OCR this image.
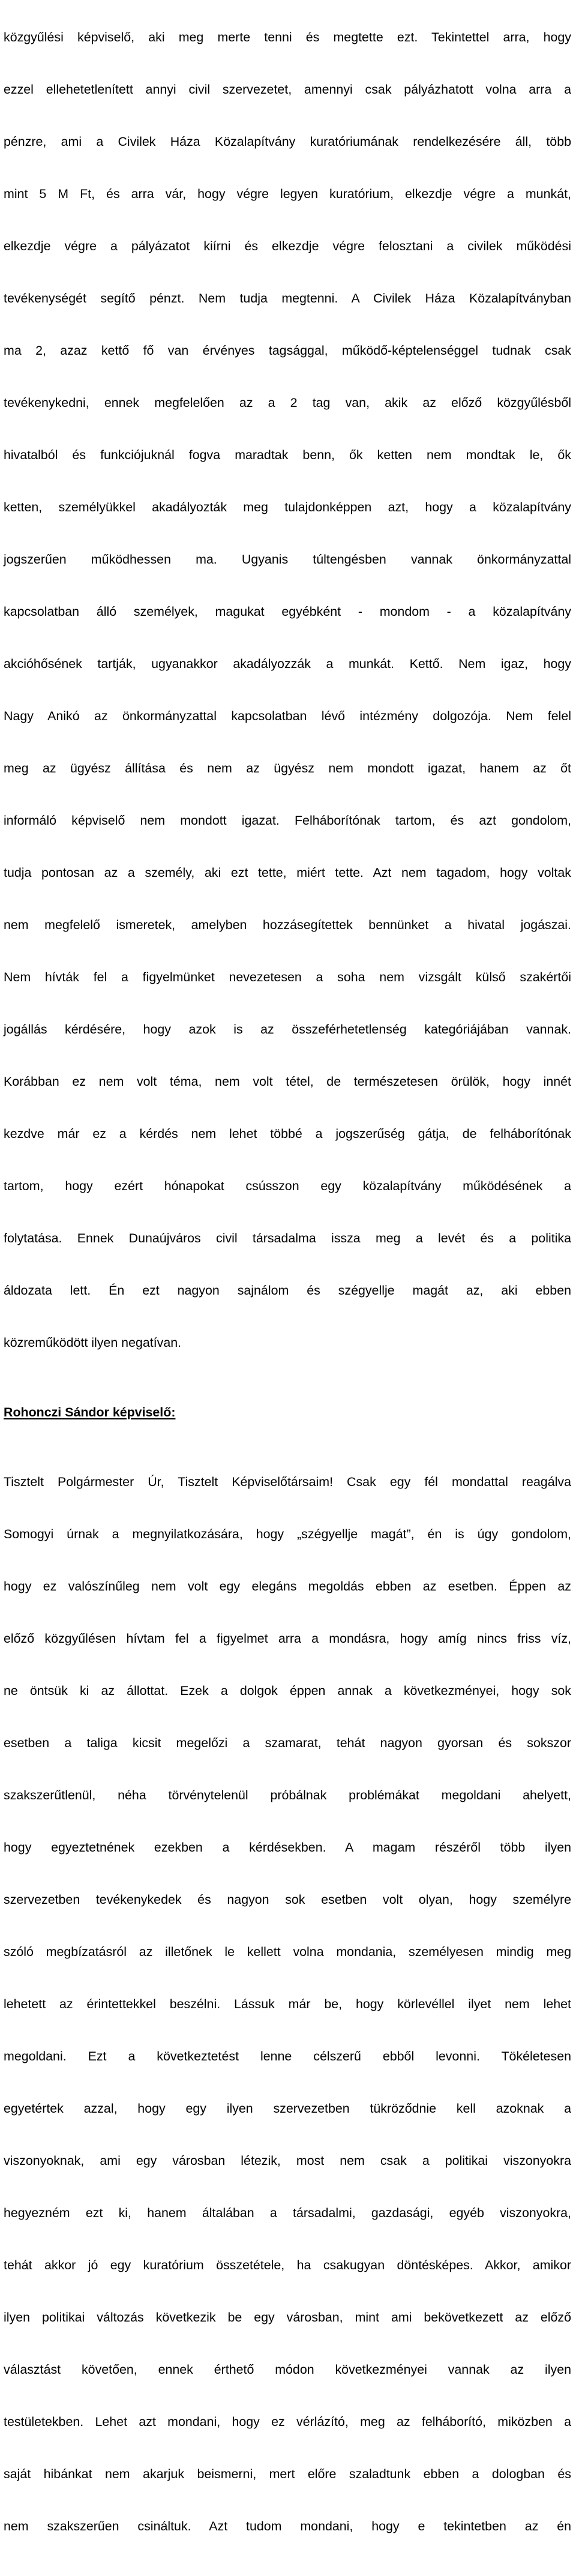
közgyűlési képviselő, aki meg merte tenni és megtette ezt. Tekintettel arra, hogy

ezzel ellehetetlenített annyi civil szervezetet, amennyi csak pályázhatott volna arra a

pénzre, ami a Civilek Háza Közalapítvány kuratóriumának rendelkezésére áll, több

mint 5 M Ft, és arra vár, hogy végre legyen kuratórium, elkezdje végre a munkát,

elkezdje végre a pályázatot kiírni és elkezdje végre felosztani a civilek működési

tevékenységét segítő pénzt. Nem tudja megtenni. A Civilek Háza Közalapítványban

ma 2, azaz kettő fő van érvényes tagsággal, működő-képtelenséggel tudnak csak

tevékenykedni, ennek megfelelően az a 2 tag van, akik az előző közgyűlésből

hivatalból és funkciójuknál fogva maradtak benn, ők ketten nem mondtak le, ők

ketten, személyükkel akadályozták meg tulajdonképpen azt, hogy a közalapítvány

jogszerűen működhessen ma. Ugyanis túltengésben vannak önkormányzattal

kapcsolatban álló személyek, magukat egyébként - mondom - a közalapítvány

akcióhősének tartják, ugyanakkor akadályozzák a munkát. Kettő. Nem igaz, hogy

Nagy Anikó az önkormányzattal kapcsolatban lévő intézmény dolgozója. Nem felel

meg az ügyész állítása és nem az ügyész nem mondott igazat, hanem az őt

informáló képviselő nem mondott igazat. Felháborítónak tartom, és azt gondolom,

tudja pontosan az a személy, aki ezt tette, miért tette. Azt nem tagadom, hogy voltak

nem megfelelő ismeretek, amelyben hozzásegítettek bennünket a hivatal jogászai.

Nem hívták fel a figyelmünket nevezetesen a soha nem vizsgált külső szakértői

jogállás kérdésére, hogy azok is az összeférhetetlenség kategóriájában vannak.

Korábban ez nem volt téma, nem volt tétel, de természetesen örülök, hogy innét

kezdve már ez a kérdés nem lehet többé a jogszerűség gátja, de felháborítónak

tartom, hogy ezért hónapokat csússzon egy közalapítvány működésének a

folytatása. Ennek Dunaújváros civil társadalma issza meg a levét és a politika

áldozata lett. Én ezt nagyon sajnálom és szégyellje magát az, aki ebben

közreműködött ilyen negatívan.

Rohonczi Sándor képviselő:

Tisztelt Polgármester Úr, Tisztelt Képviselőtársaim! Csak egy fél mondattal reagálva

Somogyi úrnak a megnyilatkozására, hogy „szégyellje magát”, én is úgy gondolom,

hogy ez valószínűleg nem volt egy elegáns megoldás ebben az esetben. Éppen az

előző közgyűlésen hívtam fel a figyelmet arra a mondásra, hogy amíg nincs friss víz,

ne öntsük ki az állottat. Ezek a dolgok éppen annak a következményei, hogy sok

esetben a taliga kicsit megelőzi a szamarat, tehát nagyon gyorsan és sokszor

szakszerűtlenül, néha törvénytelenül próbálnak problémákat megoldani ahelyett,

hogy egyeztetnének ezekben a kérdésekben. A magam részéről több ilyen

szervezetben tevékenykedek és nagyon sok esetben volt olyan, hogy személyre

szóló megbízatásról az illetőnek le kellett volna mondania, személyesen mindig meg

lehetett az érintettekkel beszélni. Lássuk már be, hogy körlevéllel ilyet nem lehet

megoldani. Ezt a következtetést lenne célszerű ebből levonni. Tökéletesen

egyetértek azzal, hogy egy ilyen szervezetben tükröződnie kell azoknak a

viszonyoknak, ami egy városban létezik, most nem csak a politikai viszonyokra

hegyezném ezt ki, hanem általában a társadalmi, gazdasági, egyéb viszonyokra,

tehát akkor jó egy kuratórium összetétele, ha csakugyan döntésképes. Akkor, amikor

ilyen politikai változás következik be egy városban, mint ami bekövetkezett az előző

választást követően, ennek érthető módon következményei vannak az ilyen

testületekben. Lehet azt mondani, hogy ez vérlázító, meg az felháborító, miközben a

saját hibánkat nem akarjuk beismerni, mert előre szaladtunk ebben a dologban és

nem szakszerűen csináltuk. Azt tudom mondani, hogy e tekintetben az én
